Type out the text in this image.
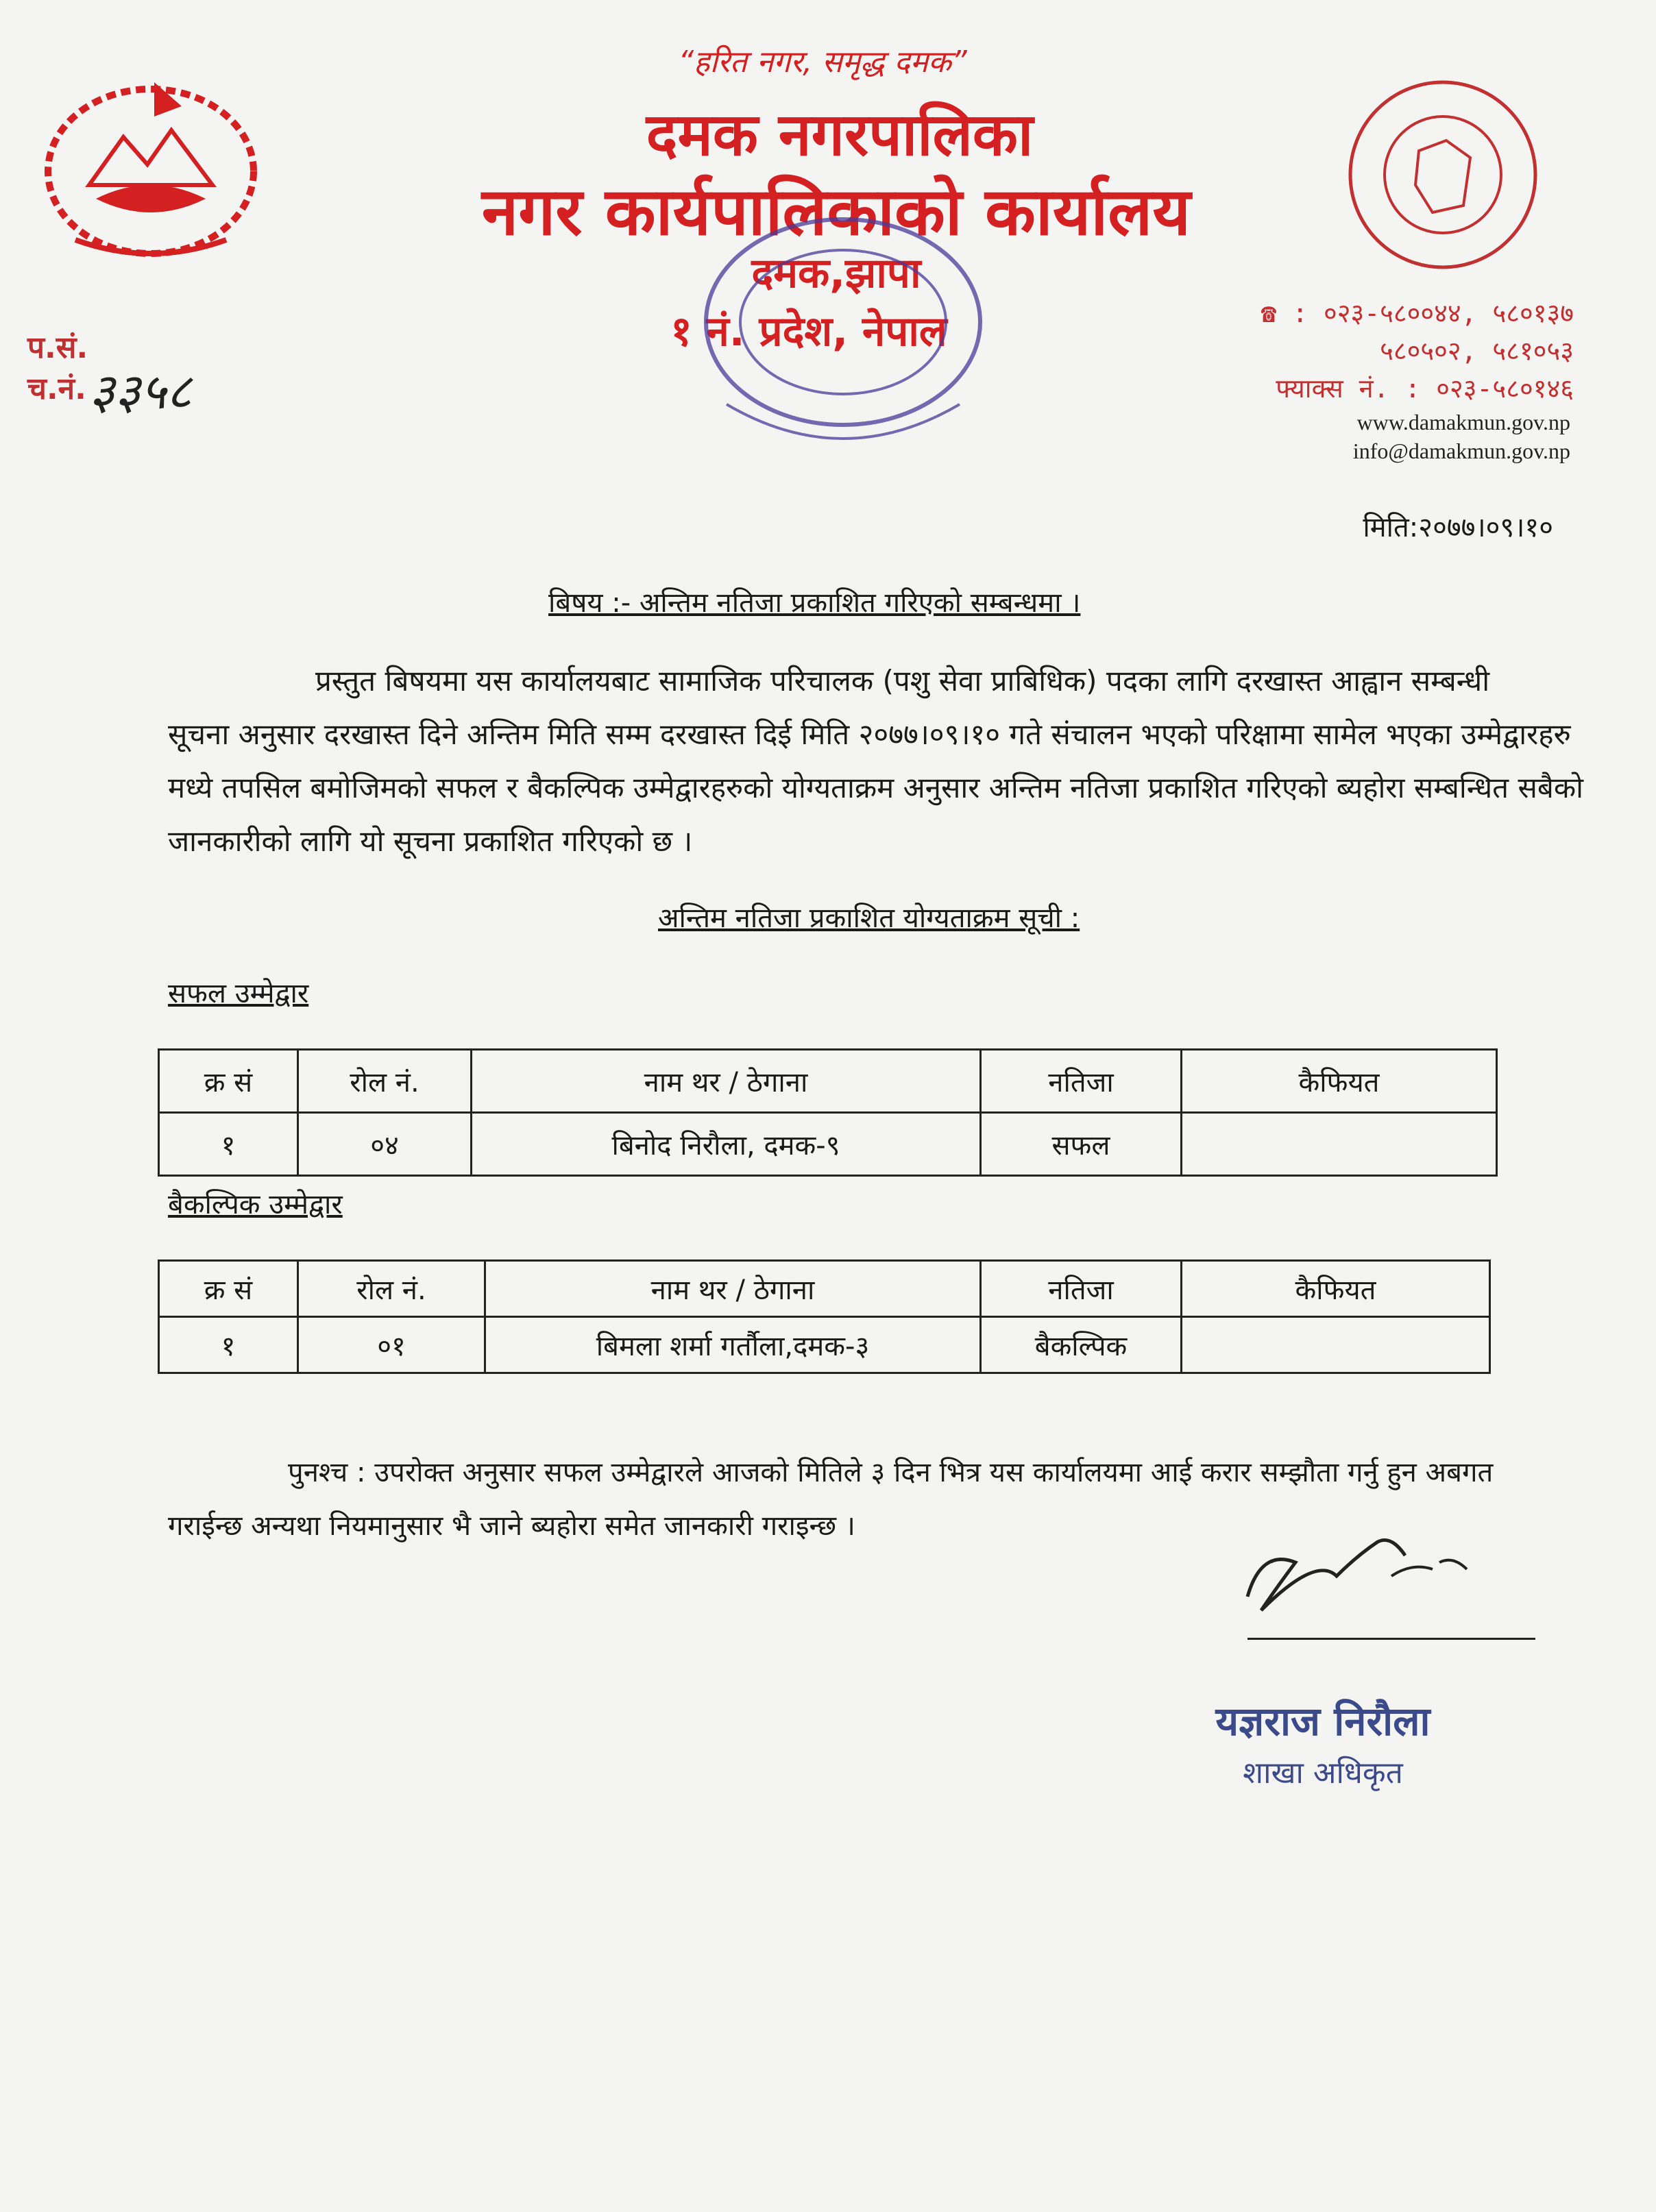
“हरित नगर, समृद्ध दमक”
दमक नगरपालिका
नगर कार्यपालिकाको कार्यालय
दमक,झापा
१ नं. प्रदेश, नेपाल	☎ : ०२३-५८००४४, ५८०१३७
५८०५०२, ५८१०५३
फ्याक्स नं. : ०२३-५८०१४६
www.damakmun.gov.np
info@damakmun.gov.np
प.सं.
च.नं. ३३५८
मिति:२०७७।०९।१०
बिषय :- अन्तिम नतिजा प्रकाशित गरिएको सम्बन्धमा ।
प्रस्तुत बिषयमा यस कार्यालयबाट सामाजिक परिचालक (पशु सेवा प्राबिधिक) पदका लागि दरखास्त आह्वान सम्बन्धी
सूचना अनुसार दरखास्त दिने अन्तिम मिति सम्म दरखास्त दिई मिति २०७७।०९।१० गते संचालन भएको परिक्षामा सामेल भएका उम्मेद्वारहरु
मध्ये तपसिल बमोजिमको सफल र बैकल्पिक उम्मेद्वारहरुको योग्यताक्रम अनुसार अन्तिम नतिजा प्रकाशित गरिएको ब्यहोरा सम्बन्धित सबैको
जानकारीको लागि यो सूचना प्रकाशित गरिएको छ ।
अन्तिम नतिजा प्रकाशित योग्यताक्रम सूची :
सफल उम्मेद्वार
क्र सं	रोल नं.	नाम थर / ठेगाना	नतिजा	कैफियत
१	०४	बिनोद निरौला, दमक-९	सफल	
बैकल्पिक उम्मेद्वार
क्र सं	रोल नं.	नाम थर / ठेगाना	नतिजा	कैफियत
१	०१	बिमला शर्मा गर्तौला,दमक-३	बैकल्पिक	
पुनश्च : उपरोक्त अनुसार सफल उम्मेद्वारले आजको मितिले ३ दिन भित्र यस कार्यालयमा आई करार सम्झौता गर्नु हुन अबगत
गराईन्छ अन्यथा नियमानुसार भै जाने ब्यहोरा समेत जानकारी गराइन्छ ।
यज्ञराज निरौला
शाखा अधिकृत
